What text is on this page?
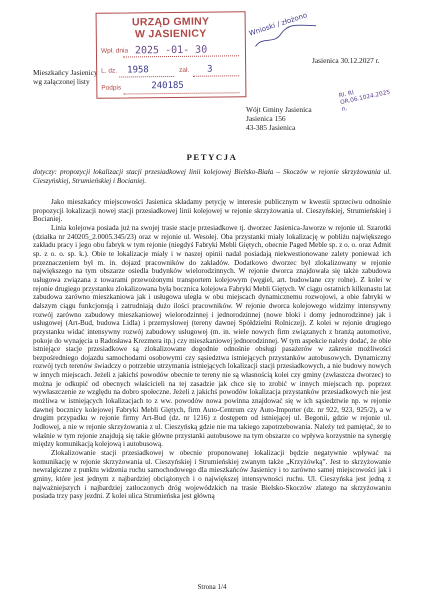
Mieszkańcy Jasienicy
wg załączonej listy
URZĄD GMINY
W JASIENICY
Wpł. dnia 2025 -01- 30
L. dz. 1958	zał. 3
Podpis	240185
Wnioski / złożono
Jasienica 30.12.2027 r.
RI. RI OR.06.1024.2025 n.
Wójt Gminy Jasienica
Jasienica 156
43-385 Jasienica
PETYCJA
dotyczy: propozycji lokalizacji stacji przesiadkowej linii kolejowej Bielsko-Biała – Skoczów w rejonie skrzyżowania ul. Cieszyńskiej, Strumieńskiej i Bocianiej.

Jako mieszkańcy miejscowości Jasienica składamy petycję w interesie publicznym w kwestii sprzeciwu odnośnie propozycji lokalizacji nowej stacji przesiadkowej linii kolejowej w rejonie skrzyżowania ul. Cieszyńskiej, Strumieńskiej i Bocianiej.

Linia kolejowa posiada już na swojej trasie stacje przesiadkowe tj. dworzec Jasienica-Jaworze w rejonie ul. Szarotki (działka nr 240205_2.0005.345/23) oraz w rejonie ul. Wesołej. Oba przystanki miały lokalizację w pobliżu największego zakładu pracy i jego obu fabryk w tym rejonie (niegdyś Fabryki Mebli Giętych, obecnie Paged Meble sp. z o. o. oraz Admit sp. z o. o. sp. k.). Obie te lokalizacje miały i w naszej opinii nadal posiadają niekwestionowane zalety ponieważ ich przeznaczeniem był m. in. dojazd pracowników do zakładów. Dodatkowo dworzec był zlokalizowany w rejonie największego na tym obszarze osiedla budynków wielorodzinnych. W rejonie dworca znajdowała się także zabudowa usługowa związana z towarami przewożonymi transportem kolejowym (węgiel, art. budowlane czy rolne). Z kolei w rejonie drugiego przystanku zlokalizowana była bocznica kolejowa Fabryki Mebli Giętych. W ciągu ostatnich kilkunastu lat zabudowa zarówno mieszkaniowa jak i usługowa uległa w obu miejscach dynamicznemu rozwojowi, a obie fabryki w dalszym ciągu funkcjonują i zatrudniają dużo ilości pracowników. W rejonie dworca kolejowego widzimy intensywny rozwój zarówno zabudowy mieszkaniowej wielorodzinnej i jednorodzinnej (nowe bloki i domy jednorodzinne) jak i usługowej (Art-Bud, budowa Lidla) i przemysłowej (tereny dawnej Spółdzielni Rolniczej). Z kolei w rejonie drugiego przystanku widać intensywny rozwój zabudowy usługowej (m. in. wiele nowych firm związanych z branżą automotive, pokoje do wynajęcia u Radosława Krezmera itp.) czy mieszkaniowej jednorodzinnej. W tym aspekcie należy dodać, że obie istniejące stacje przesiadkowe są zlokalizowane dogodnie odnośnie obsługi pasażerów w zakresie możliwości bezpośredniego dojazdu samochodami osobowymi czy sąsiedztwa istniejących przystanków autobusowych. Dynamiczny rozwój tych terenów świadczy o potrzebie utrzymania istniejących lokalizacji stacji przesiadkowych, a nie budowy nowych w innych miejscach. Jeżeli z jakichś powodów obecnie te tereny nie są własnością kolei czy gminy (zwłaszcza dworzec) to można je odkupić od obecnych właścicieli na tej zasadzie jak chce się to zrobić w innych miejscach np. poprzez wywłaszczenie ze względu na dobro społeczne. Jeżeli z jakichś powodów lokalizacja przystanków przesiadkowych nie jest możliwa w istniejących lokalizacjach to z ww. powodów nowa powinna znajdować się w ich sąsiedztwie np. w rejonie dawnej bocznicy kolejowej Fabryki Mebli Giętych, firm Auto-Centrum czy Auto-Importer (dz. nr 922, 923, 925/2), a w drugim przypadku w rejonie firmy Art-Bud (dz. nr 1216) z dostępem od istniejącej ul. Begonii, gdzie w rejonie ul. Jodłowej, a nie w rejonie skrzyżowania z ul. Cieszyńską gdzie nie ma takiego zapotrzebowania. Należy też pamiętać, że to właśnie w tym rejonie znajdują się takie główne przystanki autobusowe na tym obszarze co wpływa korzystnie na synergię między komunikacją kolejową i autobusową.

Zlokalizowanie stacji przesiadkowej w obecnie proponowanej lokalizacji będzie negatywnie wpływać na komunikację w rejonie skrzyżowania ul. Cieszyńskiej i Strumieńskiej zwanym także „Krzyżówką”. Jest to skrzyżowanie newralgiczne z punktu widzenia ruchu samochodowego dla mieszkańców Jasienicy i to zarówno samej miejscowości jak i gminy, które jest jednym z najbardziej obciążonych i o największej intensywności ruchu. Ul. Cieszyńska jest jedną z najważniejszych i najbardziej zatłoczonych dróg wojewódzkich na trasie Bielsko-Skoczów zlatego na skrzyżowaniu posiada trzy pasy jezdni. Z kolei ulica Strumieńska jest główną

Strona 1/4
